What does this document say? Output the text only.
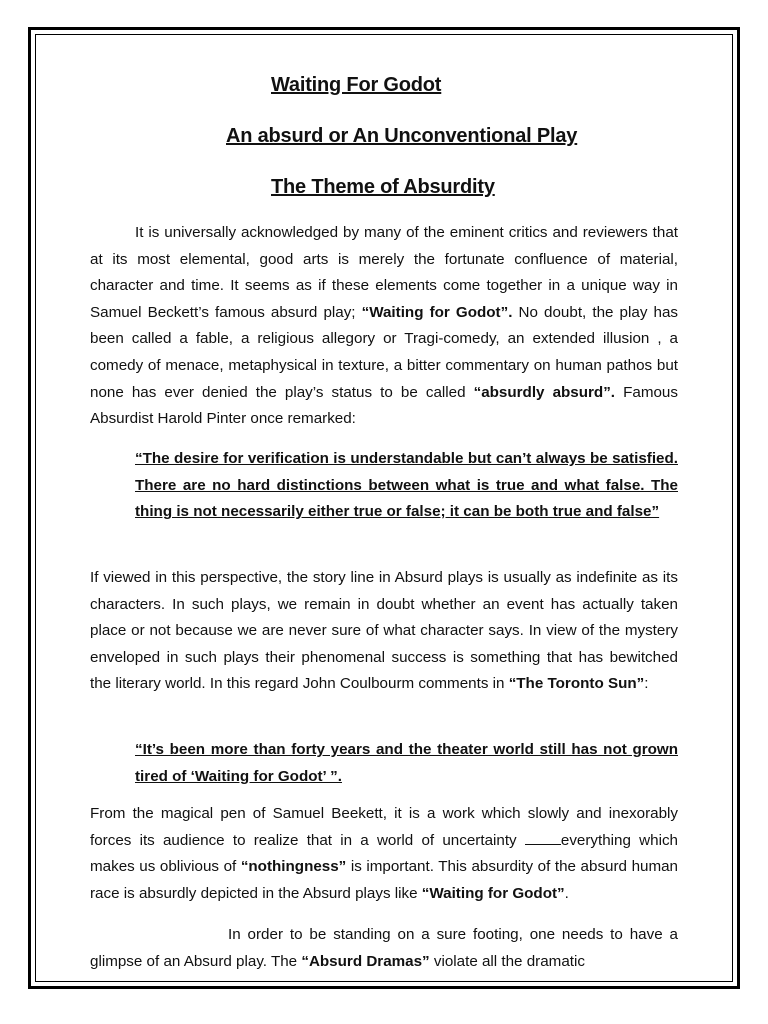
Waiting For Godot
An absurd or An Unconventional Play
The Theme of Absurdity

It is universally acknowledged by many of the eminent critics and reviewers that at its most elemental, good arts is merely the fortunate confluence of material, character and time. It seems as if these elements come together in a unique way in Samuel Beckett’s famous absurd play; “Waiting for Godot”. No doubt, the play has been called a fable, a religious allegory or Tragi-comedy, an extended illusion , a comedy of menace, metaphysical in texture, a bitter commentary on human pathos but none has ever denied the play’s status to be called “absurdly absurd”. Famous Absurdist Harold Pinter once remarked:

“The desire for verification is understandable but can’t always be satisfied. There are no hard distinctions between what is true and what false. The thing is not necessarily either true or false; it can be both true and false”

If viewed in this perspective, the story line in Absurd plays is usually as indefinite as its characters. In such plays, we remain in doubt whether an event has actually taken place or not because we are never sure of what character says. In view of the mystery enveloped in such plays their phenomenal success is something that has bewitched the literary world. In this regard John Coulbourm comments in “The Toronto Sun”:

“It’s been more than forty years and the theater world still has not grown tired of ‘Waiting for Godot’ ”.

From the magical pen of Samuel Beekett, it is a work which slowly and inexorably forces its audience to realize that in a world of uncertainty everything which makes us oblivious of “nothingness” is important. This absurdity of the absurd human race is absurdly depicted in the Absurd plays like “Waiting for Godot”.

In order to be standing on a sure footing, one needs to have a glimpse of an Absurd play. The “Absurd Dramas” violate all the dramatic
